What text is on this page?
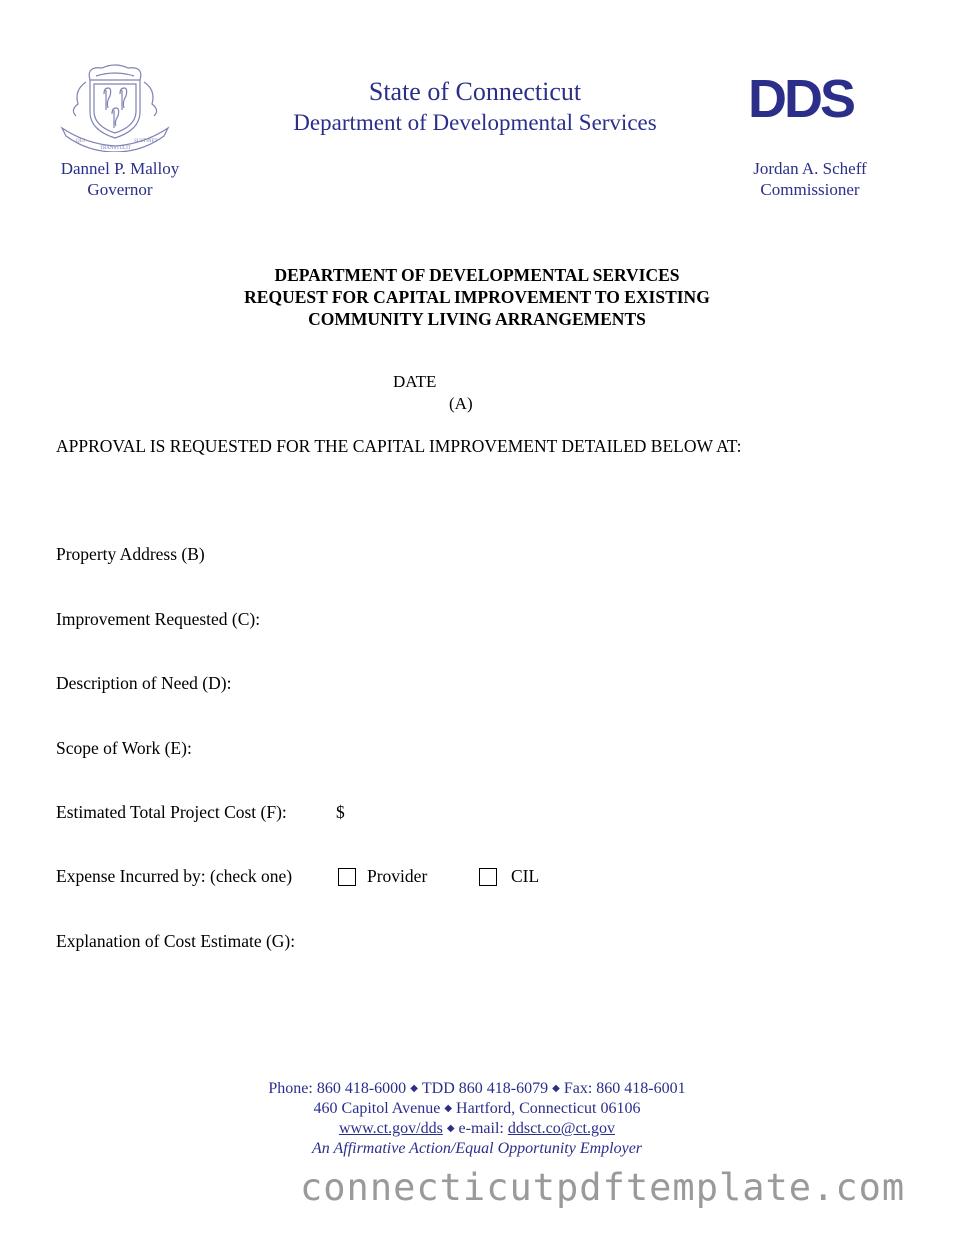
QUI
TRANSTULIT
SUSTINET
State of Connecticut
Department of Developmental Services	DDS
Dannel P. Malloy
Governor
Jordan A. Scheff
Commissioner
DEPARTMENT OF DEVELOPMENTAL SERVICES
REQUEST FOR CAPITAL IMPROVEMENT TO EXISTING
COMMUNITY LIVING ARRANGEMENTS
DATE
(A)
APPROVAL IS REQUESTED FOR THE CAPITAL IMPROVEMENT DETAILED BELOW AT:
Property Address (B)
Improvement Requested (C):
Description of Need (D):
Scope of Work (E):
Estimated Total Project Cost (F):	$
Expense Incurred by: (check one)	Provider	CIL
Explanation of Cost Estimate (G):
Phone: 860 418-6000 ◆ TDD 860 418-6079 ◆ Fax: 860 418-6001
460 Capitol Avenue ◆ Hartford, Connecticut 06106
www.ct.gov/dds ◆ e-mail: ddsct.co@ct.gov
An Affirmative Action/Equal Opportunity Employer
connecticutpdftemplate.com
